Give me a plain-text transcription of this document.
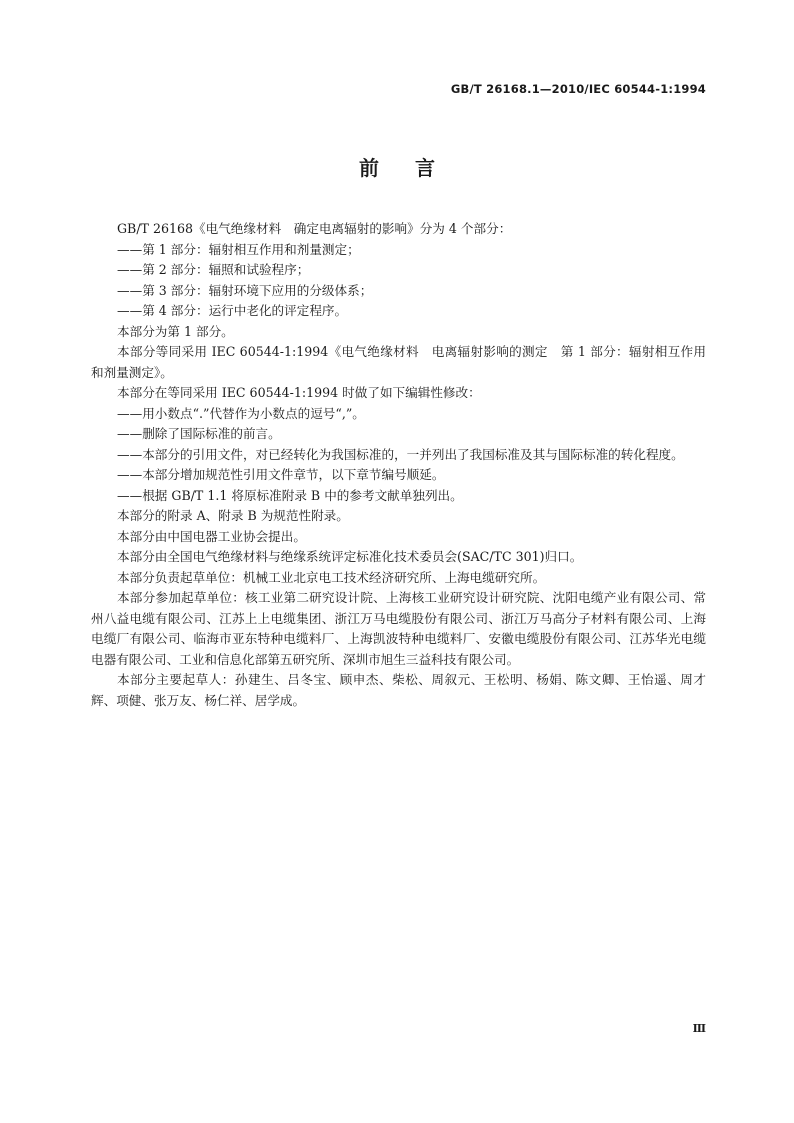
GB/T 26168.1—2010/IEC 60544-1:1994
前言

GB/T 26168《电气绝缘材料　确定电离辐射的影响》分为 4 个部分：

——第 1 部分：辐射相互作用和剂量测定；

——第 2 部分：辐照和试验程序；

——第 3 部分：辐射环境下应用的分级体系；

——第 4 部分：运行中老化的评定程序。

本部分为第 1 部分。

本部分等同采用 IEC 60544-1:1994《电气绝缘材料　电离辐射影响的测定　第 1 部分：辐射相互作用和剂量测定》。

本部分在等同采用 IEC 60544-1:1994 时做了如下编辑性修改：

——用小数点“.”代替作为小数点的逗号“,”。

——删除了国际标准的前言。

——本部分的引用文件，对已经转化为我国标准的，一并列出了我国标准及其与国际标准的转化程度。

——本部分增加规范性引用文件章节，以下章节编号顺延。

——根据 GB/T 1.1 将原标准附录 B 中的参考文献单独列出。

本部分的附录 A、附录 B 为规范性附录。

本部分由中国电器工业协会提出。

本部分由全国电气绝缘材料与绝缘系统评定标准化技术委员会(SAC/TC 301)归口。

本部分负责起草单位：机械工业北京电工技术经济研究所、上海电缆研究所。

本部分参加起草单位：核工业第二研究设计院、上海核工业研究设计研究院、沈阳电缆产业有限公司、常州八益电缆有限公司、江苏上上电缆集团、浙江万马电缆股份有限公司、浙江万马高分子材料有限公司、上海电缆厂有限公司、临海市亚东特种电缆料厂、上海凯波特种电缆料厂、安徽电缆股份有限公司、江苏华光电缆电器有限公司、工业和信息化部第五研究所、深圳市旭生三益科技有限公司。

本部分主要起草人：孙建生、吕冬宝、顾申杰、柴松、周叙元、王松明、杨娟、陈文卿、王怡遥、周才辉、项健、张万友、杨仁祥、居学成。

Ⅲ
